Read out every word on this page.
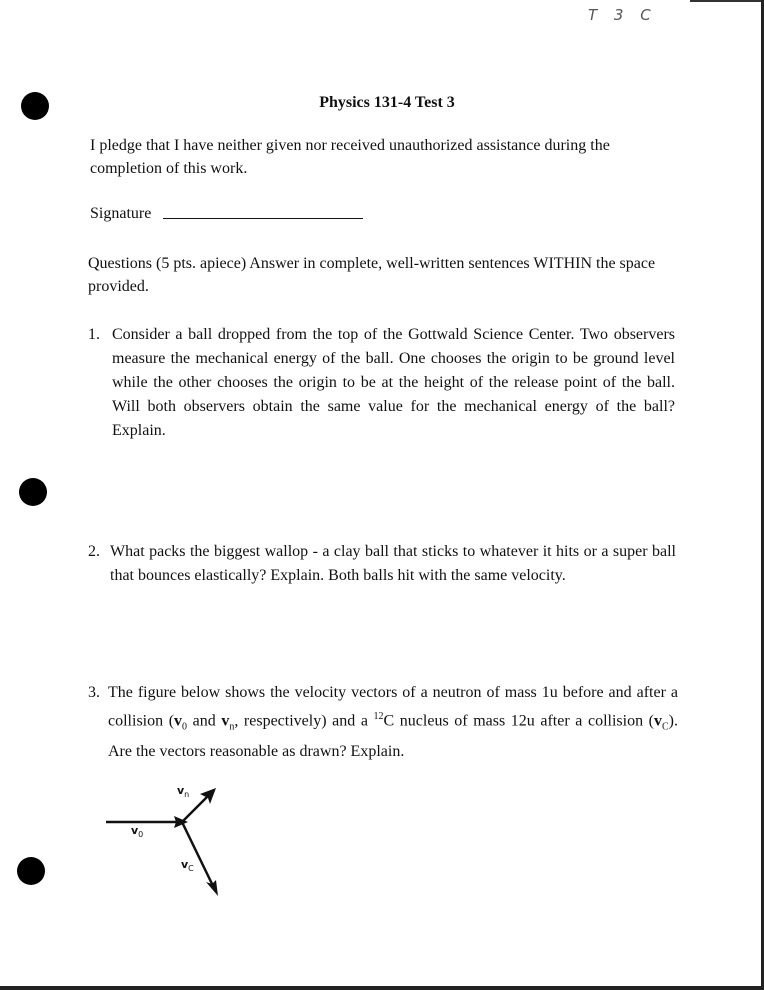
T 3 C
Physics 131-4 Test 3
I pledge that I have neither given nor received unauthorized assistance during the completion of this work.
Signature
Questions (5 pts. apiece) Answer in complete, well-written sentences WITHIN the space provided.
1. Consider a ball dropped from the top of the Gottwald Science Center. Two observers measure the mechanical energy of the ball. One chooses the origin to be ground level while the other chooses the origin to be at the height of the release point of the ball. Will both observers obtain the same value for the mechanical energy of the ball? Explain.
2. What packs the biggest wallop - a clay ball that sticks to whatever it hits or a super ball that bounces elastically? Explain. Both balls hit with the same velocity.
3. The figure below shows the velocity vectors of a neutron of mass 1u before and after a collision ($v_0$ and $v_n$, respectively) and a $^{12}$C nucleus of mass 12u after a collision $(v_C)$. Are the vectors reasonable as drawn? Explain.
$v_n$
$v_0$
$v_C$
